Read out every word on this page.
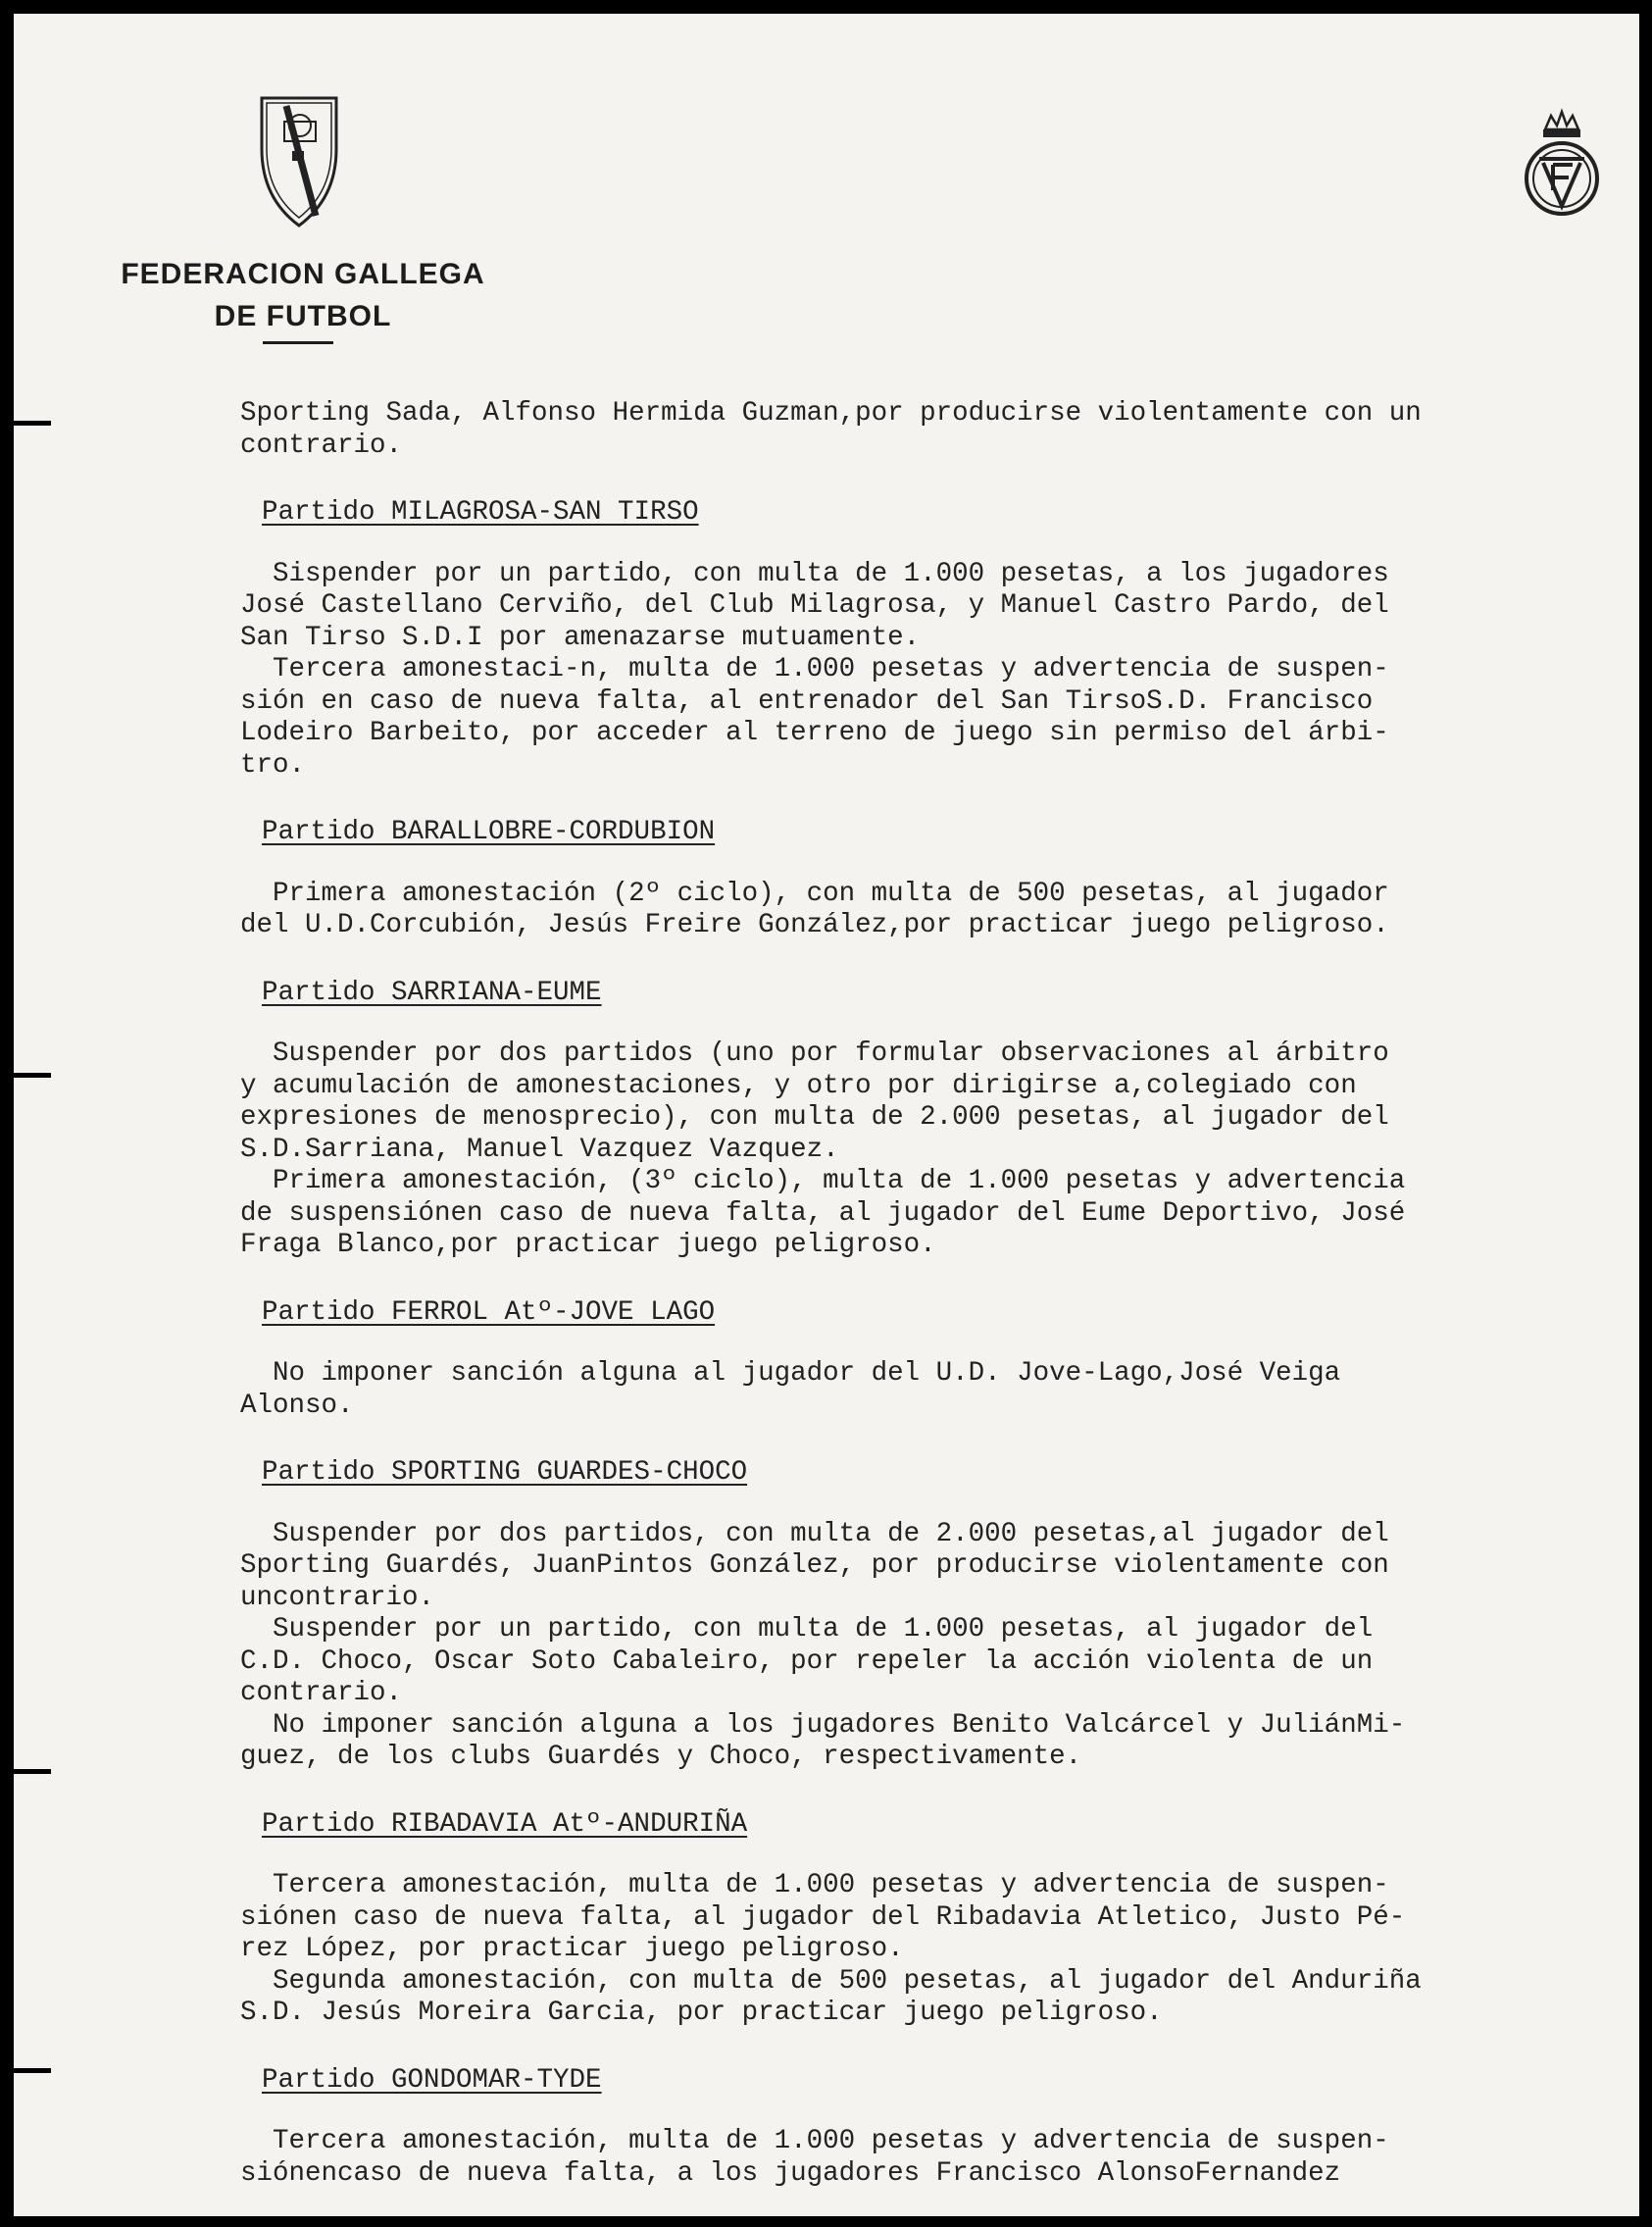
FEDERACION GALLEGA
DE FUTBOL

Sporting Sada, Alfonso Hermida Guzman,por producirse violentamente con un

contrario.

Partido MILAGROSA-SAN TIRSO

Sispender por un partido, con multa de 1.000 pesetas, a los jugadores

José Castellano Cerviño, del Club Milagrosa, y Manuel Castro Pardo, del

San Tirso S.D.I por amenazarse mutuamente.

Tercera amonestaci-n, multa de 1.000 pesetas y advertencia de suspen-

sión en caso de nueva falta, al entrenador del San TirsoS.D. Francisco

Lodeiro Barbeito, por acceder al terreno de juego sin permiso del árbi-

tro.

Partido BARALLOBRE-CORDUBION

Primera amonestación (2º ciclo), con multa de 500 pesetas, al jugador

del U.D.Corcubión, Jesús Freire González,por practicar juego peligroso.

Partido SARRIANA-EUME

Suspender por dos partidos (uno por formular observaciones al árbitro

y acumulación de amonestaciones, y otro por dirigirse a,colegiado con

expresiones de menosprecio), con multa de 2.000 pesetas, al jugador del

S.D.Sarriana, Manuel Vazquez Vazquez.

Primera amonestación, (3º ciclo), multa de 1.000 pesetas y advertencia

de suspensiónen caso de nueva falta, al jugador del Eume Deportivo, José

Fraga Blanco,por practicar juego peligroso.

Partido FERROL Atº-JOVE LAGO

No imponer sanción alguna al jugador del U.D. Jove-Lago,José Veiga

Alonso.

Partido SPORTING GUARDES-CHOCO

Suspender por dos partidos, con multa de 2.000 pesetas,al jugador del

Sporting Guardés, JuanPintos González, por producirse violentamente con

uncontrario.

Suspender por un partido, con multa de 1.000 pesetas, al jugador del

C.D. Choco, Oscar Soto Cabaleiro, por repeler la acción violenta de un

contrario.

No imponer sanción alguna a los jugadores Benito Valcárcel y JuliánMi-

guez, de los clubs Guardés y Choco, respectivamente.

Partido RIBADAVIA Atº-ANDURIÑA

Tercera amonestación, multa de 1.000 pesetas y advertencia de suspen-

siónen caso de nueva falta, al jugador del Ribadavia Atletico, Justo Pé-

rez López, por practicar juego peligroso.

Segunda amonestación, con multa de 500 pesetas, al jugador del Anduriña

S.D. Jesús Moreira Garcia, por practicar juego peligroso.

Partido GONDOMAR-TYDE

Tercera amonestación, multa de 1.000 pesetas y advertencia de suspen-

siónencaso de nueva falta, a los jugadores Francisco AlonsoFernandez
